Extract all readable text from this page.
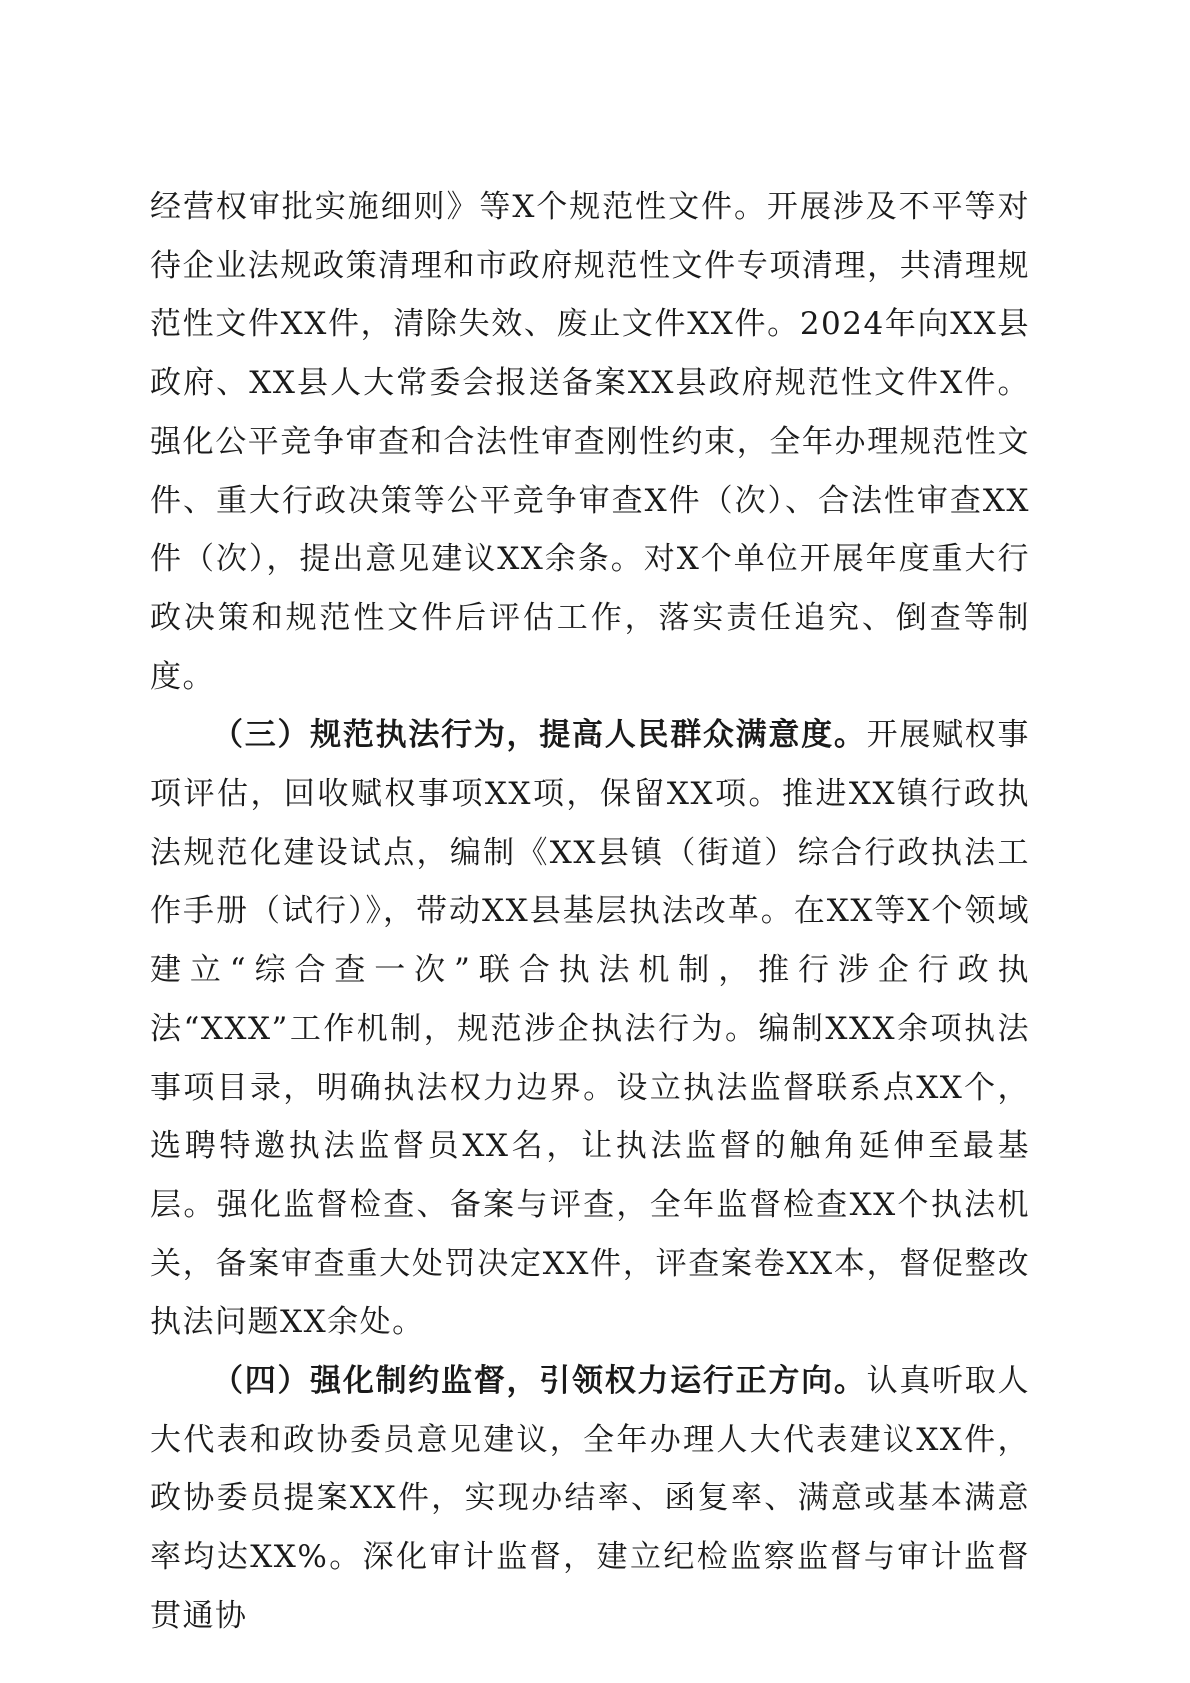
经营权审批实施细则》等X个规范性文件。开展涉及不平等对待企业法规政策清理和市政府规范性文件专项清理，共清理规范性文件XX件，清除失效、废止文件XX件。2024年向XX县政府、XX县人大常委会报送备案XX县政府规范性文件X件。强化公平竞争审查和合法性审查刚性约束，全年办理规范性文件、重大行政决策等公平竞争审查X件（次）、合法性审查XX件（次），提出意见建议XX余条。对X个单位开展年度重大行政决策和规范性文件后评估工作，落实责任追究、倒查等制度。

（三）规范执法行为，提高人民群众满意度。开展赋权事项评估，回收赋权事项XX项，保留XX项。推进XX镇行政执法规范化建设试点，编制《XX县镇（街道）综合行政执法工作手册（试行）》，带动XX县基层执法改革。在XX等X个领域建立“综合查一次”联合执法机制，推行涉企行政执法“XXX”工作机制，规范涉企执法行为。编制XXX余项执法事项目录，明确执法权力边界。设立执法监督联系点XX个，选聘特邀执法监督员XX名，让执法监督的触角延伸至最基层。强化监督检查、备案与评查，全年监督检查XX个执法机关，备案审查重大处罚决定XX件，评查案卷XX本，督促整改执法问题XX余处。

（四）强化制约监督，引领权力运行正方向。认真听取人大代表和政协委员意见建议，全年办理人大代表建议XX件，政协委员提案XX件，实现办结率、函复率、满意或基本满意率均达XX%。深化审计监督，建立纪检监察监督与审计监督贯通协
